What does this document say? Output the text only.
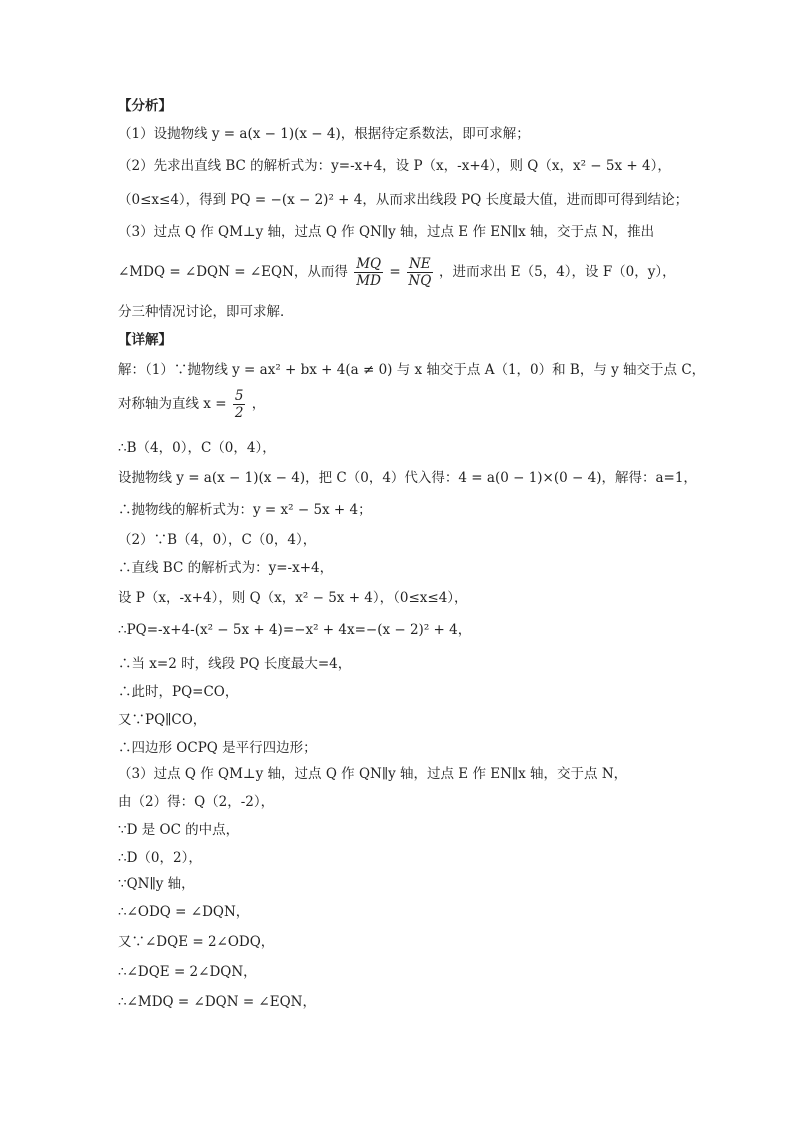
【分析】
（1）设抛物线 y = a(x − 1)(x − 4)，根据待定系数法，即可求解；
（2）先求出直线 BC 的解析式为：y=-x+4，设 P（x，-x+4），则 Q（x，x² − 5x + 4），
（0≤x≤4），得到 PQ = −(x − 2)² + 4，从而求出线段 PQ 长度最大值，进而即可得到结论；
（3）过点 Q 作 QM⊥y 轴，过点 Q 作 QN∥y 轴，过点 E 作 EN∥x 轴，交于点 N，推出
∠MDQ = ∠DQN = ∠EQN，从而得 $\frac{MQ}{MD} = \frac{NE}{NQ}$ ，进而求出 E（5，4），设 F（0，y），
分三种情况讨论，即可求解．
【详解】
解：（1）∵抛物线 y = ax² + bx + 4(a ≠ 0) 与 x 轴交于点 A（1，0）和 B，与 y 轴交于点 C，
对称轴为直线 $x = \frac{5}{2}$ ，
∴B（4，0），C（0，4），
设抛物线 y = a(x − 1)(x − 4)，把 C（0，4）代入得：4 = a(0 − 1)×(0 − 4)，解得：a=1，
∴抛物线的解析式为：y = x² − 5x + 4；
（2）∵B（4，0），C（0，4），
∴直线 BC 的解析式为：y=-x+4，
设 P（x，-x+4），则 Q（x，x² − 5x + 4），（0≤x≤4），
∴PQ=-x+4-(x² − 5x + 4)=−x² + 4x=−(x − 2)² + 4，
∴当 x=2 时，线段 PQ 长度最大=4，
∴此时，PQ=CO，
又∵PQ∥CO，
∴四边形 OCPQ 是平行四边形；
（3）过点 Q 作 QM⊥y 轴，过点 Q 作 QN∥y 轴，过点 E 作 EN∥x 轴，交于点 N，
由（2）得：Q（2，-2），
∵D 是 OC 的中点，
∴D（0，2），
∵QN∥y 轴，
∴∠ODQ = ∠DQN，
又∵∠DQE = 2∠ODQ，
∴∠DQE = 2∠DQN，
∴∠MDQ = ∠DQN = ∠EQN，
